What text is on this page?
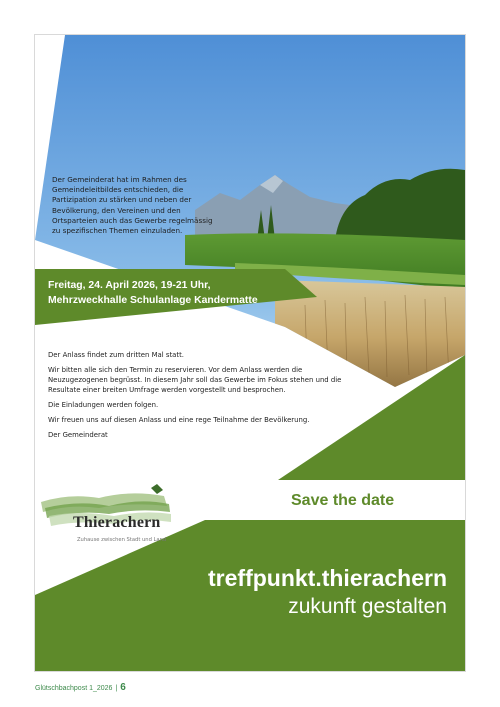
Der Gemeinderat hat im Rahmen des Gemeindeleitbildes entschieden, die Partizipation zu stärken und neben der Bevölkerung, den Vereinen und den Ortsparteien auch das Gewerbe regelmässig zu spezifischen Themen einzuladen.
Freitag, 24. April 2026, 19-21 Uhr,
Mehrzweckhalle Schulanlage Kandermatte

Der Anlass findet zum dritten Mal statt.

Wir bitten alle sich den Termin zu reservieren. Vor dem Anlass werden die Neuzugezogenen begrüsst. In diesem Jahr soll das Gewerbe im Fokus stehen und die Resultate einer breiten Umfrage werden vorgestellt und besprochen.

Die Einladungen werden folgen.

Wir freuen uns auf diesen Anlass und eine rege Teilnahme der Bevölkerung.

Der Gemeinderat

Thierachern
Zuhause zwischen Stadt und Land
Save the date
treffpunkt.thierachern
zukunft gestalten
Glütschbachpost 1_2026 | 6
